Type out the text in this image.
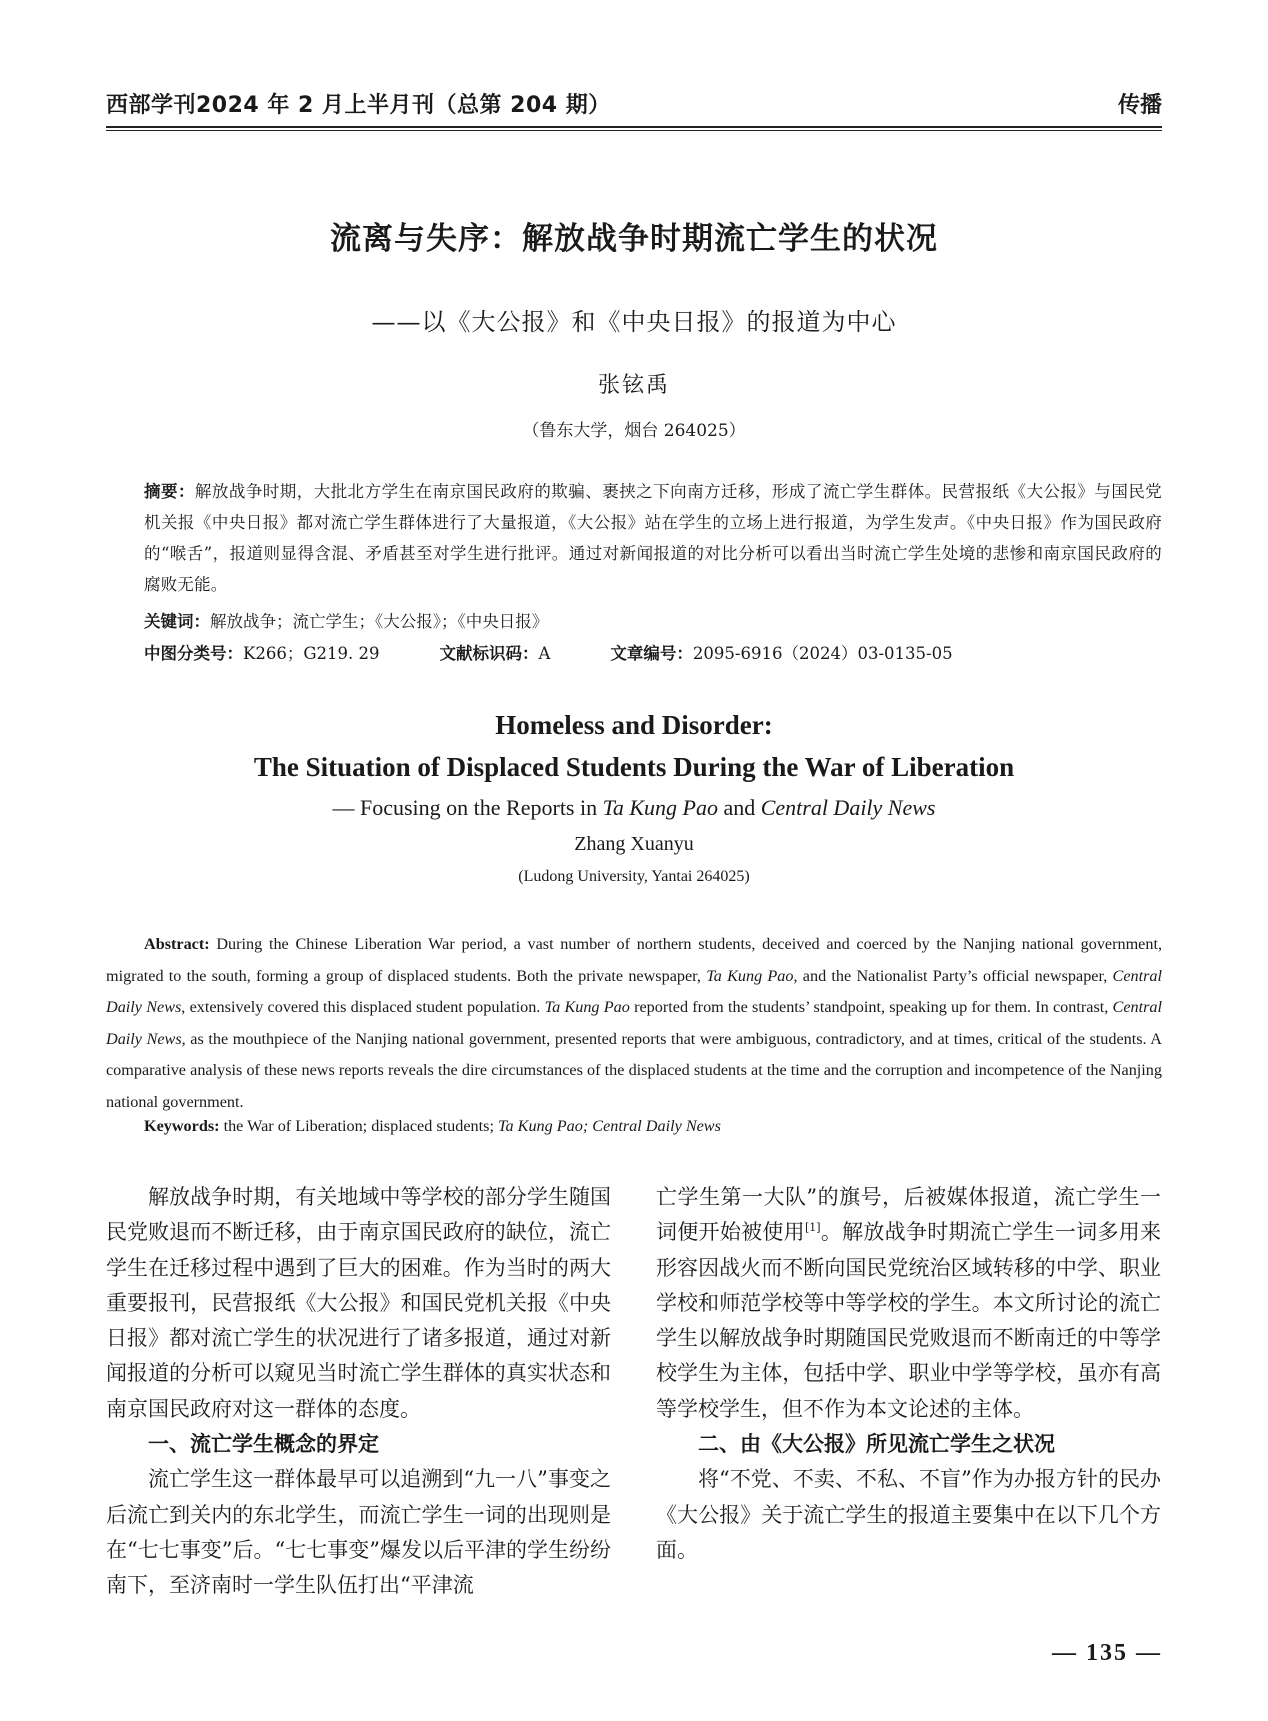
西部学刊2024 年 2 月上半月刊（总第 204 期）	传播
流离与失序：解放战争时期流亡学生的状况
——以《大公报》和《中央日报》的报道为中心
张铉禹
（鲁东大学，烟台 264025）
摘要：解放战争时期，大批北方学生在南京国民政府的欺骗、裹挟之下向南方迁移，形成了流亡学生群体。民营报纸《大公报》与国民党机关报《中央日报》都对流亡学生群体进行了大量报道，《大公报》站在学生的立场上进行报道，为学生发声。《中央日报》作为国民政府的“喉舌”，报道则显得含混、矛盾甚至对学生进行批评。通过对新闻报道的对比分析可以看出当时流亡学生处境的悲惨和南京国民政府的腐败无能。
关键词：解放战争；流亡学生；《大公报》；《中央日报》
中图分类号：K266；G219. 29	文献标识码：A	文章编号：2095-6916（2024）03-0135-05
Homeless and Disorder:
The Situation of Displaced Students During the War of Liberation
— Focusing on the Reports in Ta Kung Pao and Central Daily News
Zhang Xuanyu
(Ludong University, Yantai 264025)
Abstract: During the Chinese Liberation War period, a vast number of northern students, deceived and coerced by the Nanjing national government, migrated to the south, forming a group of displaced students. Both the private newspaper, Ta Kung Pao, and the Nationalist Party’s official newspaper, Central Daily News, extensively covered this displaced student population. Ta Kung Pao reported from the students’ standpoint, speaking up for them. In contrast, Central Daily News, as the mouthpiece of the Nanjing national government, presented reports that were ambiguous, contradictory, and at times, critical of the students. A comparative analysis of these news reports reveals the dire circumstances of the displaced students at the time and the corruption and incompetence of the Nanjing national government.
Keywords: the War of Liberation; displaced students; Ta Kung Pao; Central Daily News

解放战争时期，有关地域中等学校的部分学生随国民党败退而不断迁移，由于南京国民政府的缺位，流亡学生在迁移过程中遇到了巨大的困难。作为当时的两大重要报刊，民营报纸《大公报》和国民党机关报《中央日报》都对流亡学生的状况进行了诸多报道，通过对新闻报道的分析可以窥见当时流亡学生群体的真实状态和南京国民政府对这一群体的态度。

一、流亡学生概念的界定

流亡学生这一群体最早可以追溯到“九一八”事变之后流亡到关内的东北学生，而流亡学生一词的出现则是在“七七事变”后。“七七事变”爆发以后平津的学生纷纷南下，至济南时一学生队伍打出“平津流

亡学生第一大队”的旗号，后被媒体报道，流亡学生一词便开始被使用[1]。解放战争时期流亡学生一词多用来形容因战火而不断向国民党统治区域转移的中学、职业学校和师范学校等中等学校的学生。本文所讨论的流亡学生以解放战争时期随国民党败退而不断南迁的中等学校学生为主体，包括中学、职业中学等学校，虽亦有高等学校学生，但不作为本文论述的主体。

二、由《大公报》所见流亡学生之状况

将“不党、不卖、不私、不盲”作为办报方针的民办《大公报》关于流亡学生的报道主要集中在以下几个方面。

— 135 —
